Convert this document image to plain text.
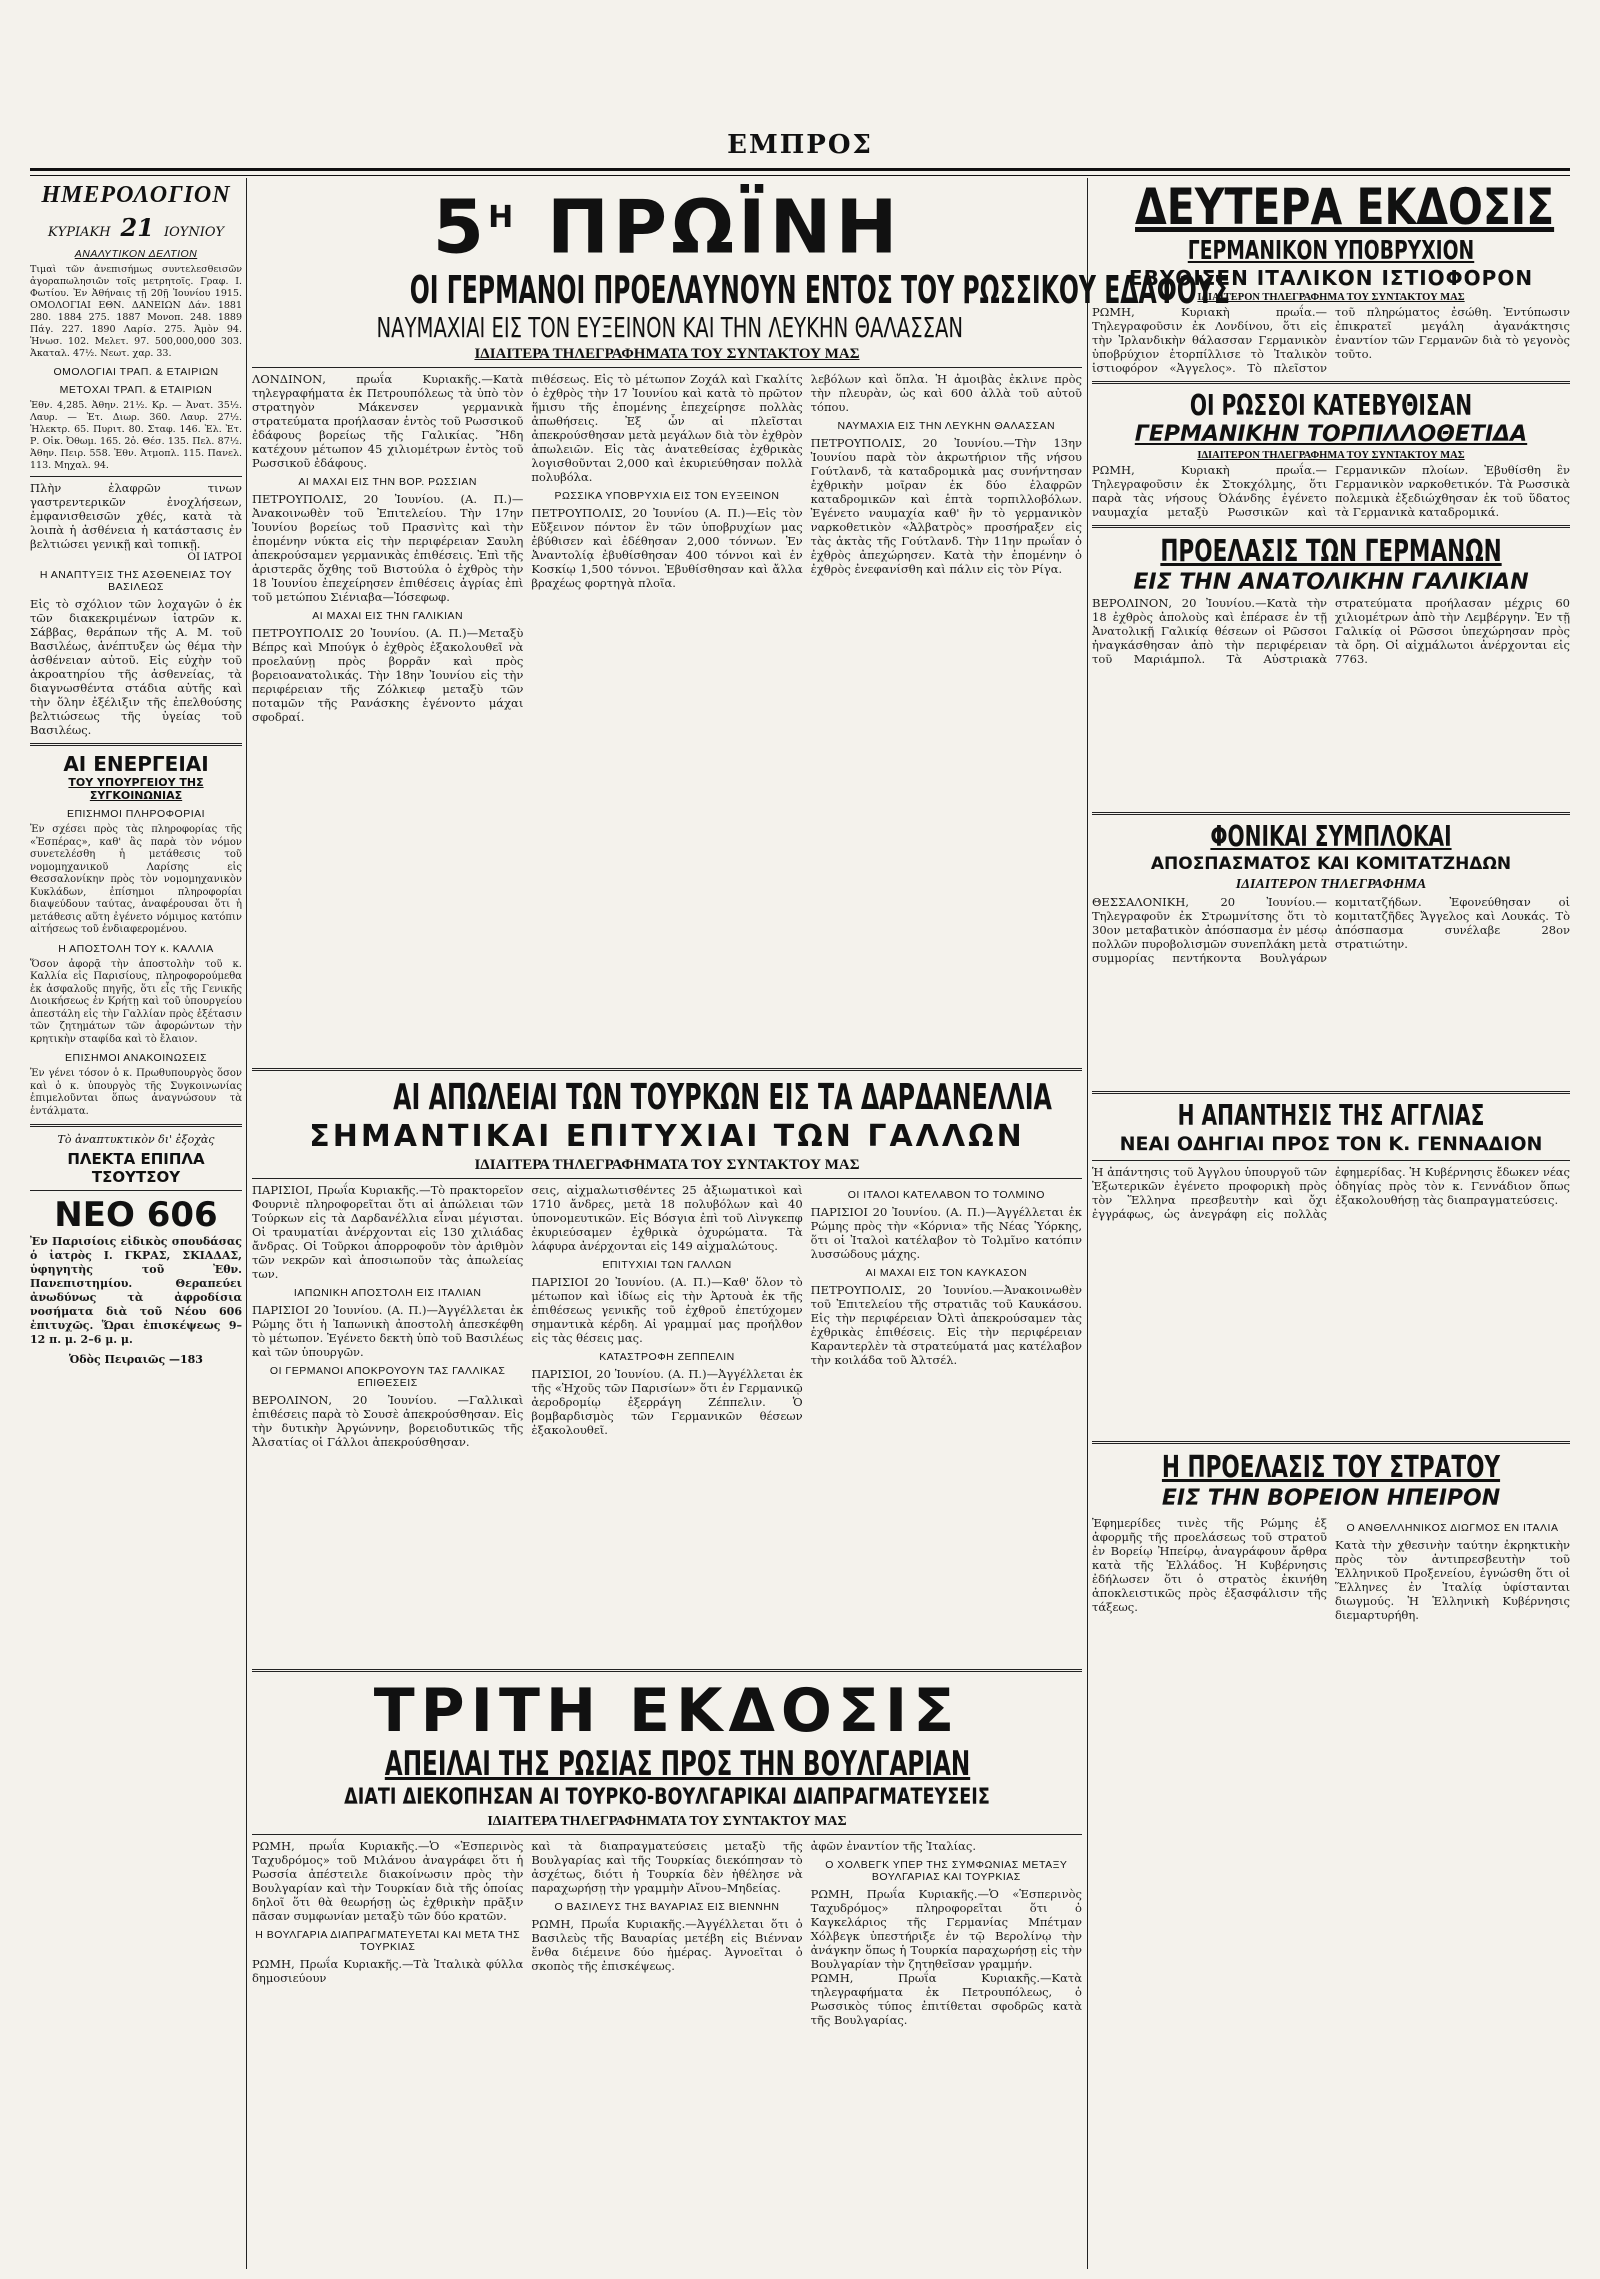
ΕΜΠΡΟΣ
ΗΜΕΡΟΛΟΓΙΟΝ
ΚΥΡΙΑΚΗ 21 ΙΟΥΝΙΟΥ
ΑΝΑΛΥΤΙΚΟΝ ΔΕΛΤΙΟΝ
Τιμαὶ τῶν ἀνεπισήμως συντελεσθεισῶν ἀγοραπωλησιῶν τοῖς μετρητοῖς. Γραφ. Ι. Φωτίου. Ἐν Ἀθήναις τῇ 20ῇ Ἰουνίου 1915. ΟΜΟΛΟΓΙΑΙ ΕΘΝ. ΔΑΝΕΙΩΝ Δάν. 1881 280. 1884 275. 1887 Μονοπ. 248. 1889 Πάγ. 227. 1890 Λαρίσ. 275. Ἀμὸν 94. Ἡνωσ. 102. Μελετ. 97. 500,000,000 303. Ἀκαταλ. 47½. Νεωτ. χαρ. 33.
ΟΜΟΛΟΓΙΑΙ ΤΡΑΠ. & ΕΤΑΙΡΙΩΝ
ΜΕΤΟΧΑΙ ΤΡΑΠ. & ΕΤΑΙΡΙΩΝ
Ἐθν. 4,285. Ἀθην. 21½. Κρ. — Ἀνατ. 35½. Λαυρ. — Ἐτ. Διωρ. 360. Λαυρ. 27½. Ἠλεκτρ. 65. Πυριτ. 80. Σταφ. 146. Ἐλ. Ἐτ. Ρ. Οἰκ. Ὀθωμ. 165. 2ὁ. Θέσ. 135. Πελ. 87½. Ἀθην. Πειρ. 558. Ἐθν. Ἀτμοπλ. 115. Πανελ. 113. Μηχαλ. 94.
Πλὴν ἐλαφρῶν τινων γαστρεντερικῶν ἐνοχλήσεων, ἐμφανισθεισῶν χθές, κατὰ τὰ λοιπὰ ἡ ἀσθένεια ἡ κατάστασις ἐν βελτιώσει γενικῇ καὶ τοπικῇ.
ΟΙ ΙΑΤΡΟΙ
Η ΑΝΑΠΤΥΞΙΣ ΤΗΣ ΑΣΘΕΝΕΙΑΣ ΤΟΥ ΒΑΣΙΛΕΩΣ
Εἰς τὸ σχόλιον τῶν λοχαγῶν ὁ ἐκ τῶν διακεκριμένων ἰατρῶν κ. Σάββας, θεράπων τῆς Α. Μ. τοῦ Βασιλέως, ἀνέπτυξεν ὡς θέμα τὴν ἀσθένειαν αὐτοῦ. Εἰς εὐχὴν τοῦ ἀκροατηρίου τῆς ἀσθενείας, τὰ διαγνωσθέντα στάδια αὐτῆς καὶ τὴν ὅλην ἐξέλιξιν τῆς ἐπελθούσης βελτιώσεως τῆς ὑγείας τοῦ Βασιλέως.
ΑΙ ΕΝΕΡΓΕΙΑΙ
ΤΟΥ ΥΠΟΥΡΓΕΙΟΥ ΤΗΣ ΣΥΓΚΟΙΝΩΝΙΑΣ
ΕΠΙΣΗΜΟΙ ΠΛΗΡΟΦΟΡΙΑΙ
Ἐν σχέσει πρὸς τὰς πληροφορίας τῆς «Ἐσπέρας», καθ' ἃς παρὰ τὸν νόμον συνετελέσθη ἡ μετάθεσις τοῦ νομομηχανικοῦ Λαρίσης εἰς Θεσσαλονίκην πρὸς τὸν νομομηχανικὸν Κυκλάδων, ἐπίσημοι πληροφορίαι διαψεύδουν ταύτας, ἀναφέρουσαι ὅτι ἡ μετάθεσις αὕτη ἐγένετο νόμιμος κατόπιν αἰτήσεως τοῦ ἐνδιαφερομένου.
Η ΑΠΟΣΤΟΛΗ ΤΟΥ κ. ΚΑΛΛΙΑ
Ὅσον ἀφορᾷ τὴν ἀποστολὴν τοῦ κ. Καλλία εἰς Παρισίους, πληροφορούμεθα ἐκ ἀσφαλοῦς πηγῆς, ὅτι εἶς τῆς Γενικῆς Διοικήσεως ἐν Κρήτῃ καὶ τοῦ ὑπουργείου ἀπεστάλη εἰς τὴν Γαλλίαν πρὸς ἐξέτασιν τῶν ζητημάτων τῶν ἀφορώντων τὴν κρητικὴν σταφίδα καὶ τὸ ἔλαιον.
ΕΠΙΣΗΜΟΙ ΑΝΑΚΟΙΝΩΣΕΙΣ
Ἐν γένει τόσον ὁ κ. Πρωθυπουργὸς ὅσον καὶ ὁ κ. ὑπουργὸς τῆς Συγκοινωνίας ἐπιμελοῦνται ὅπως ἀναγνώσουν τὰ ἐντάλματα.
Τὸ ἀναπτυκτικὸν δι' ἐξοχὰς
ΠΛΕΚΤΑ ΕΠΙΠΛΑ ΤΣΟΥΤΣΟΥ
ΝΕΟ 606
Ἐν Παρισίοις εἰδικὸς σπουδάσας ὁ ἰατρὸς Ι. ΓΚΡΑΣ, ΣΚΙΑΔΑΣ, ὑφηγητὴς τοῦ Ἐθν. Πανεπιστημίου. Θεραπεύει ἀνωδύνως τὰ ἀφροδίσια νοσήματα διὰ τοῦ Νέου 606 ἐπιτυχῶς. Ὥραι ἐπισκέψεως 9–12 π. μ. 2–6 μ. μ.
Ὁδὸς Πειραιῶς —183
$5^H$ ΠΡΩΪΝΗ
ΟΙ ΓΕΡΜΑΝΟΙ ΠΡΟΕΛΑΥΝΟΥΝ ΕΝΤΟΣ ΤΟΥ ΡΩΣΣΙΚΟΥ ΕΔΑΦΟΥΣ
ΝΑΥΜΑΧΙΑΙ ΕΙΣ ΤΟΝ ΕΥΞΕΙΝΟΝ ΚΑΙ ΤΗΝ ΛΕΥΚΗΝ ΘΑΛΑΣΣΑΝ
ΙΔΙΑΙΤΕΡΑ ΤΗΛΕΓΡΑΦΗΜΑΤΑ ΤΟΥ ΣΥΝΤΑΚΤΟΥ ΜΑΣ
ΛΟΝΔΙΝΟΝ, πρωΐα Κυριακῆς.—Κατὰ τηλεγραφήματα ἐκ Πετρουπόλεως τὰ ὑπὸ τὸν στρατηγὸν Μάκενσεν γερμανικὰ στρατεύματα προήλασαν ἐντὸς τοῦ Ρωσσικοῦ ἐδάφους βορείως τῆς Γαλικίας. Ἤδη κατέχουν μέτωπον 45 χιλιομέτρων ἐντὸς τοῦ Ρωσσικοῦ ἐδάφους.
ΑΙ ΜΑΧΑΙ ΕΙΣ ΤΗΝ ΒΟΡ. ΡΩΣΣΙΑΝ
ΠΕΤΡΟΥΠΟΛΙΣ, 20 Ἰουνίου. (Α. Π.)—Ἀνακοινωθὲν τοῦ Ἐπιτελείου. Τὴν 17ην Ἰουνίου βορείως τοῦ Πρασνὶτς καὶ τὴν ἐπομένην νύκτα εἰς τὴν περιφέρειαν Σαυλη ἀπεκρούσαμεν γερμανικὰς ἐπιθέσεις. Ἐπὶ τῆς ἀριστερᾶς ὄχθης τοῦ Βιστούλα ὁ ἐχθρὸς τὴν 18 Ἰουνίου ἐπεχείρησεν ἐπιθέσεις ἀγρίας ἐπὶ τοῦ μετώπου Σιένιαβα—Ἰόσεφωφ.
ΑΙ ΜΑΧΑΙ ΕΙΣ ΤΗΝ ΓΑΛΙΚΙΑΝ
ΠΕΤΡΟΥΠΟΛΙΣ 20 Ἰουνίου. (Α. Π.)—Μεταξὺ Βέπρς καὶ Μπούγκ ὁ ἐχθρὸς ἐξακολουθεῖ νὰ προελαύνῃ πρὸς βορρᾶν καὶ πρὸς βορειοανατολικάς. Τὴν 18ην Ἰουνίου εἰς τὴν περιφέρειαν τῆς Ζόλκιεφ μεταξὺ τῶν ποταμῶν τῆς Ρανάσκης ἐγένοντο μάχαι σφοδραί.
πιθέσεως. Εἰς τὸ μέτωπον Ζοχάλ καὶ Γκαλίτς ὁ ἐχθρὸς τὴν 17 Ἰουνίου καὶ κατὰ τὸ πρῶτον ἥμισυ τῆς ἐπομένης ἐπεχείρησε πολλὰς ἀπωθήσεις. Ἐξ ὧν αἱ πλεῖσται ἀπεκρούσθησαν μετὰ μεγάλων διὰ τὸν ἐχθρὸν ἀπωλειῶν. Εἰς τὰς ἀνατεθείσας ἐχθρικὰς λογισθοῦνται 2,000 καὶ ἐκυριεύθησαν πολλὰ πολυβόλα.
ΡΩΣΣΙΚΑ ΥΠΟΒΡΥΧΙΑ ΕΙΣ ΤΟΝ ΕΥΞΕΙΝΟΝ
ΠΕΤΡΟΥΠΟΛΙΣ, 20 Ἰουνίου (Α. Π.)—Εἰς τὸν Εὔξεινον πόντον ἓν τῶν ὑποβρυχίων μας ἐβύθισεν καὶ ἐδέθησαν 2,000 τόννων. Ἐν Ἀναντολίᾳ ἐβυθίσθησαν 400 τόννοι καὶ ἐν Κοσκίῳ 1,500 τόννοι. Ἐβυθίσθησαν καὶ ἄλλα βραχέως φορτηγὰ πλοῖα.
λεβόλων καὶ ὅπλα. Ἡ ἀμοιβὰς ἐκλινε πρὸς τὴν πλευρὰν, ὡς καὶ 600 ἀλλὰ τοῦ αὐτοῦ τόπου.
ΝΑΥΜΑΧΙΑ ΕΙΣ ΤΗΝ ΛΕΥΚΗΝ ΘΑΛΑΣΣΑΝ
ΠΕΤΡΟΥΠΟΛΙΣ, 20 Ἰουνίου.—Τὴν 13ην Ἰουνίου παρὰ τὸν ἀκρωτήριον τῆς νήσου Γούτλανδ, τὰ καταδρομικὰ μας συνήντησαν ἐχθρικὴν μοῖραν ἐκ δύο ἐλαφρῶν καταδρομικῶν καὶ ἑπτὰ τορπιλλοβόλων. Ἐγένετο ναυμαχία καθ' ἣν τὸ γερμανικὸν ναρκοθετικὸν «Ἀλβατρὸς» προσήραξεν εἰς τὰς ἀκτὰς τῆς Γούτλανδ. Τὴν 11ην πρωΐαν ὁ ἐχθρὸς ἀπεχώρησεν. Κατὰ τὴν ἐπομένην ὁ ἐχθρὸς ἐνεφανίσθη καὶ πάλιν εἰς τὸν Ρίγα.
ΑΙ ΑΠΩΛΕΙΑΙ ΤΩΝ ΤΟΥΡΚΩΝ ΕΙΣ ΤΑ ΔΑΡΔΑΝΕΛΛΙΑ
ΣΗΜΑΝΤΙΚΑΙ ΕΠΙΤΥΧΙΑΙ ΤΩΝ ΓΑΛΛΩΝ
ΙΔΙΑΙΤΕΡΑ ΤΗΛΕΓΡΑΦΗΜΑΤΑ ΤΟΥ ΣΥΝΤΑΚΤΟΥ ΜΑΣ
ΠΑΡΙΣΙΟΙ, Πρωΐα Κυριακῆς.—Τὸ πρακτορεῖον Φουρνιὲ πληροφορεῖται ὅτι αἱ ἀπώλειαι τῶν Τούρκων εἰς τὰ Δαρδανέλλια εἶναι μέγισται. Οἱ τραυματίαι ἀνέρχονται εἰς 130 χιλιάδας ἄνδρας. Οἱ Τοῦρκοι ἀπορροφοῦν τὸν ἀριθμὸν τῶν νεκρῶν καὶ ἀποσιωποῦν τὰς ἀπωλείας των.
ΙΑΠΩΝΙΚΗ ΑΠΟΣΤΟΛΗ ΕΙΣ ΙΤΑΛΙΑΝ
ΠΑΡΙΣΙΟΙ 20 Ἰουνίου. (Α. Π.)—Ἀγγέλλεται ἐκ Ρώμης ὅτι ἡ Ἰαπωνικὴ ἀποστολὴ ἀπεσκέφθη τὸ μέτωπον. Ἐγένετο δεκτὴ ὑπὸ τοῦ Βασιλέως καὶ τῶν ὑπουργῶν.
ΟΙ ΓΕΡΜΑΝΟΙ ΑΠΟΚΡΟΥΟΥΝ ΤΑΣ ΓΑΛΛΙΚΑΣ ΕΠΙΘΕΣΕΙΣ
ΒΕΡΟΛΙΝΟΝ, 20 Ἰουνίου. —Γαλλικαὶ ἐπιθέσεις παρὰ τὸ Σουσὲ ἀπεκρούσθησαν. Εἰς τὴν δυτικὴν Ἀργώννην, βορειοδυτικῶς τῆς Ἀλσατίας οἱ Γάλλοι ἀπεκρούσθησαν.
σεις, αἰχμαλωτισθέντες 25 ἀξιωματικοὶ καὶ 1710 ἄνδρες, μετὰ 18 πολυβόλων καὶ 40 ὑπονομευτικῶν. Εἰς Βόσγια ἐπὶ τοῦ Λὶνγκεπφ ἐκυριεύσαμεν ἐχθρικὰ ὀχυρώματα. Τὰ λάφυρα ἀνέρχονται εἰς 149 αἰχμαλώτους.
ΕΠΙΤΥΧΙΑΙ ΤΩΝ ΓΑΛΛΩΝ
ΠΑΡΙΣΙΟΙ 20 Ἰουνίου. (Α. Π.)—Καθ' ὅλον τὸ μέτωπον καὶ ἰδίως εἰς τὴν Ἀρτουὰ ἐκ τῆς ἐπιθέσεως γενικῆς τοῦ ἐχθροῦ ἐπετύχομεν σημαντικὰ κέρδη. Αἱ γραμμαί μας προήλθον εἰς τὰς θέσεις μας.
ΚΑΤΑΣΤΡΟΦΗ ΖΕΠΠΕΛΙΝ
ΠΑΡΙΣΙΟΙ, 20 Ἰουνίου. (Α. Π.)—Ἀγγέλλεται ἐκ τῆς «Ἠχοῦς τῶν Παρισίων» ὅτι ἐν Γερμανικῷ ἀεροδρομίῳ ἐξερράγη Ζέππελιν. Ὁ βομβαρδισμὸς τῶν Γερμανικῶν θέσεων ἐξακολουθεῖ.
ΟΙ ΙΤΑΛΟΙ ΚΑΤΕΛΑΒΟΝ ΤΟ ΤΟΛΜΙΝΟ
ΠΑΡΙΣΙΟΙ 20 Ἰουνίου. (Α. Π.)—Ἀγγέλλεται ἐκ Ρώμης πρὸς τὴν «Κόρνια» τῆς Νέας Ὑόρκης, ὅτι οἱ Ἰταλοὶ κατέλαβον τὸ Τολμῖνο κατόπιν λυσσώδους μάχης.
ΑΙ ΜΑΧΑΙ ΕΙΣ ΤΟΝ ΚΑΥΚΑΣΟΝ
ΠΕΤΡΟΥΠΟΛΙΣ, 20 Ἰουνίου.—Ἀνακοινωθὲν τοῦ Ἐπιτελείου τῆς στρατιᾶς τοῦ Καυκάσου. Εἰς τὴν περιφέρειαν Ὀλτὶ ἀπεκρούσαμεν τὰς ἐχθρικὰς ἐπιθέσεις. Εἰς τὴν περιφέρειαν Καραντερλὲν τὰ στρατεύματά μας κατέλαβον τὴν κοιλάδα τοῦ Ἀλτσέλ.
ΤΡΙΤΗ ΕΚΔΟΣΙΣ
ΑΠΕΙΛΑΙ ΤΗΣ ΡΩΣΙΑΣ ΠΡΟΣ ΤΗΝ ΒΟΥΛΓΑΡΙΑΝ
ΔΙΑΤΙ ΔΙΕΚΟΠΗΣΑΝ ΑΙ ΤΟΥΡΚΟ-ΒΟΥΛΓΑΡΙΚΑΙ ΔΙΑΠΡΑΓΜΑΤΕΥΣΕΙΣ
ΙΔΙΑΙΤΕΡΑ ΤΗΛΕΓΡΑΦΗΜΑΤΑ ΤΟΥ ΣΥΝΤΑΚΤΟΥ ΜΑΣ
ΡΩΜΗ, πρωΐα Κυριακῆς.—Ὁ «Ἑσπερινὸς Ταχυδρόμος» τοῦ Μιλάνου ἀναγράφει ὅτι ἡ Ρωσσία ἀπέστειλε διακοίνωσιν πρὸς τὴν Βουλγαρίαν καὶ τὴν Τουρκίαν διὰ τῆς ὁποίας δηλοῖ ὅτι θὰ θεωρήσῃ ὡς ἐχθρικὴν πρᾶξιν πᾶσαν συμφωνίαν μεταξὺ τῶν δύο κρατῶν.
Η ΒΟΥΛΓΑΡΙΑ ΔΙΑΠΡΑΓΜΑΤΕΥΕΤΑΙ ΚΑΙ ΜΕΤΑ ΤΗΣ ΤΟΥΡΚΙΑΣ
ΡΩΜΗ, Πρωΐα Κυριακῆς.—Τὰ Ἰταλικὰ φύλλα δημοσιεύουν
καὶ τὰ διαπραγματεύσεις μεταξὺ τῆς Βουλγαρίας καὶ τῆς Τουρκίας διεκόπησαν τὸ ἀσχέτως, διότι ἡ Τουρκία δὲν ἠθέλησε νὰ παραχωρήσῃ τὴν γραμμὴν Αἴνου–Μηδείας.
Ο ΒΑΣΙΛΕΥΣ ΤΗΣ ΒΑΥΑΡΙΑΣ ΕΙΣ ΒΙΕΝΝΗΝ
ΡΩΜΗ, Πρωΐα Κυριακῆς.—Ἀγγέλλεται ὅτι ὁ Βασιλεὺς τῆς Βαυαρίας μετέβη εἰς Βιένναν ἔνθα διέμεινε δύο ἡμέρας. Ἀγνοεῖται ὁ σκοπὸς τῆς ἐπισκέψεως.
ἀφῶν ἐναντίον τῆς Ἰταλίας.
Ο ΧΟΛΒΕΓΚ ΥΠΕΡ ΤΗΣ ΣΥΜΦΩΝΙΑΣ ΜΕΤΑΞΥ ΒΟΥΛΓΑΡΙΑΣ ΚΑΙ ΤΟΥΡΚΙΑΣ
ΡΩΜΗ, Πρωΐα Κυριακῆς.—Ὁ «Ἑσπερινὸς Ταχυδρόμος» πληροφορεῖται ὅτι ὁ Καγκελάριος τῆς Γερμανίας Μπέτμαν Χόλβεγκ ὑπεστήριξε ἐν τῷ Βερολίνῳ τὴν ἀνάγκην ὅπως ἡ Τουρκία παραχωρήσῃ εἰς τὴν Βουλγαρίαν τὴν ζητηθεῖσαν γραμμήν.
ΡΩΜΗ, Πρωΐα Κυριακῆς.—Κατὰ τηλεγραφήματα ἐκ Πετρουπόλεως, ὁ Ρωσσικὸς τύπος ἐπιτίθεται σφοδρῶς κατὰ τῆς Βουλγαρίας.
ΔΕΥΤΕΡΑ ΕΚΔΟΣΙΣ
ΓΕΡΜΑΝΙΚΟΝ ΥΠΟΒΡΥΧΙΟΝ
ΕΒΥΘΙΣΕΝ ΙΤΑΛΙΚΟΝ ΙΣΤΙΟΦΟΡΟΝ
ΙΔΙΑΙΤΕΡΟΝ ΤΗΛΕΓΡΑΦΗΜΑ ΤΟΥ ΣΥΝΤΑΚΤΟΥ ΜΑΣ
ΡΩΜΗ, Κυριακὴ πρωΐα.—Τηλεγραφοῦσιν ἐκ Λονδίνου, ὅτι εἰς τὴν Ἰρλανδικὴν θάλασσαν Γερμανικὸν ὑποβρύχιον ἐτορπίλλισε τὸ Ἰταλικὸν ἱστιοφόρον «Ἀγγελος». Τὸ πλεῖστον τοῦ πληρώματος ἐσώθη. Ἐντύπωσιν ἐπικρατεῖ μεγάλη ἀγανάκτησις ἐναντίον τῶν Γερμανῶν διὰ τὸ γεγονὸς τοῦτο.
ΟΙ ΡΩΣΣΟΙ ΚΑΤΕΒΥΘΙΣΑΝ
ΓΕΡΜΑΝΙΚΗΝ ΤΟΡΠΙΛΛΟΘΕΤΙΔΑ
ΙΔΙΑΙΤΕΡΟΝ ΤΗΛΕΓΡΑΦΗΜΑ ΤΟΥ ΣΥΝΤΑΚΤΟΥ ΜΑΣ
ΡΩΜΗ, Κυριακὴ πρωΐα.—Τηλεγραφοῦσιν ἐκ Στοκχόλμης, ὅτι παρὰ τὰς νήσους Όλάνδης ἐγένετο ναυμαχία μεταξὺ Ρωσσικῶν καὶ Γερμανικῶν πλοίων. Ἐβυθίσθη ἓν Γερμανικὸν ναρκοθετικόν. Τὰ Ρωσσικὰ πολεμικὰ ἐξεδιώχθησαν ἐκ τοῦ ὕδατος τὰ Γερμανικὰ καταδρομικά.
ΠΡΟΕΛΑΣΙΣ ΤΩΝ ΓΕΡΜΑΝΩΝ
ΕΙΣ ΤΗΝ ΑΝΑΤΟΛΙΚΗΝ ΓΑΛΙΚΙΑΝ
ΒΕΡΟΛΙΝΟΝ, 20 Ἰουνίου.—Κατὰ τὴν 18 ἐχθρὸς ἀπολοὺς καὶ ἐπέρασε ἐν τῇ Ἀνατολικῇ Γαλικίᾳ θέσεων οἱ Ρῶσσοι ἠναγκάσθησαν ἀπὸ τὴν περιφέρειαν τοῦ Μαριάμπολ. Τὰ Αὐστριακὰ στρατεύματα προήλασαν μέχρις 60 χιλιομέτρων ἀπὸ τὴν Λεμβέργην. Ἐν τῇ Γαλικίᾳ οἱ Ρῶσσοι ὑπεχώρησαν πρὸς τὰ ὄρη. Οἱ αἰχμάλωτοι ἀνέρχονται εἰς 7763.
ΦΟΝΙΚΑΙ ΣΥΜΠΛΟΚΑΙ
ΑΠΟΣΠΑΣΜΑΤΟΣ ΚΑΙ ΚΟΜΙΤΑΤΖΗΔΩΝ
ΙΔΙΑΙΤΕΡΟΝ ΤΗΛΕΓΡΑΦΗΜΑ
ΘΕΣΣΑΛΟΝΙΚΗ, 20 Ἰουνίου.—Τηλεγραφοῦν ἐκ Στρωμνίτσης ὅτι τὸ 30ον μεταβατικὸν ἀπόσπασμα ἐν μέσῳ πολλῶν πυροβολισμῶν συνεπλάκη μετὰ συμμορίας πεντήκοντα Βουλγάρων κομιτατζήδων. Ἐφονεύθησαν οἱ κομιτατζῆδες Ἄγγελος καὶ Λουκάς. Τὸ ἀπόσπασμα συνέλαβε 28ον στρατιώτην.
Η ΑΠΑΝΤΗΣΙΣ ΤΗΣ ΑΓΓΛΙΑΣ
ΝΕΑΙ ΟΔΗΓΙΑΙ ΠΡΟΣ ΤΟΝ Κ. ΓΕΝΝΑΔΙΟΝ
Ἡ ἀπάντησις τοῦ Ἀγγλου ὑπουργοῦ τῶν Ἐξωτερικῶν ἐγένετο προφορικὴ πρὸς τὸν Ἕλληνα πρεσβευτὴν καὶ ὄχι ἐγγράφως, ὡς ἀνεγράφη εἰς πολλὰς ἐφημερίδας. Ἡ Κυβέρνησις ἔδωκεν νέας ὁδηγίας πρὸς τὸν κ. Γεννάδιον ὅπως ἐξακολουθήσῃ τὰς διαπραγματεύσεις.
Η ΠΡΟΕΛΑΣΙΣ ΤΟΥ ΣΤΡΑΤΟΥ
ΕΙΣ ΤΗΝ ΒΟΡΕΙΟΝ ΗΠΕΙΡΟΝ
Ἐφημερίδες τινὲς τῆς Ρώμης ἐξ ἀφορμῆς τῆς προελάσεως τοῦ στρατοῦ ἐν Βορείῳ Ἠπείρῳ, ἀναγράφουν ἄρθρα κατὰ τῆς Ἑλλάδος. Ἡ Κυβέρνησις ἐδήλωσεν ὅτι ὁ στρατὸς ἐκινήθη ἀποκλειστικῶς πρὸς ἐξασφάλισιν τῆς τάξεως.
Ο ΑΝΘΕΛΛΗΝΙΚΟΣ ΔΙΩΓΜΟΣ ΕΝ ΙΤΑΛΙΑ
Κατὰ τὴν χθεσινὴν ταύτην ἐκρηκτικὴν πρὸς τὸν ἀντιπρεσβευτὴν τοῦ Ἑλληνικοῦ Προξενείου, ἐγνώσθη ὅτι οἱ Ἕλληνες ἐν Ἰταλίᾳ ὑφίστανται διωγμούς. Ἡ Ἑλληνικὴ Κυβέρνησις διεμαρτυρήθη.
